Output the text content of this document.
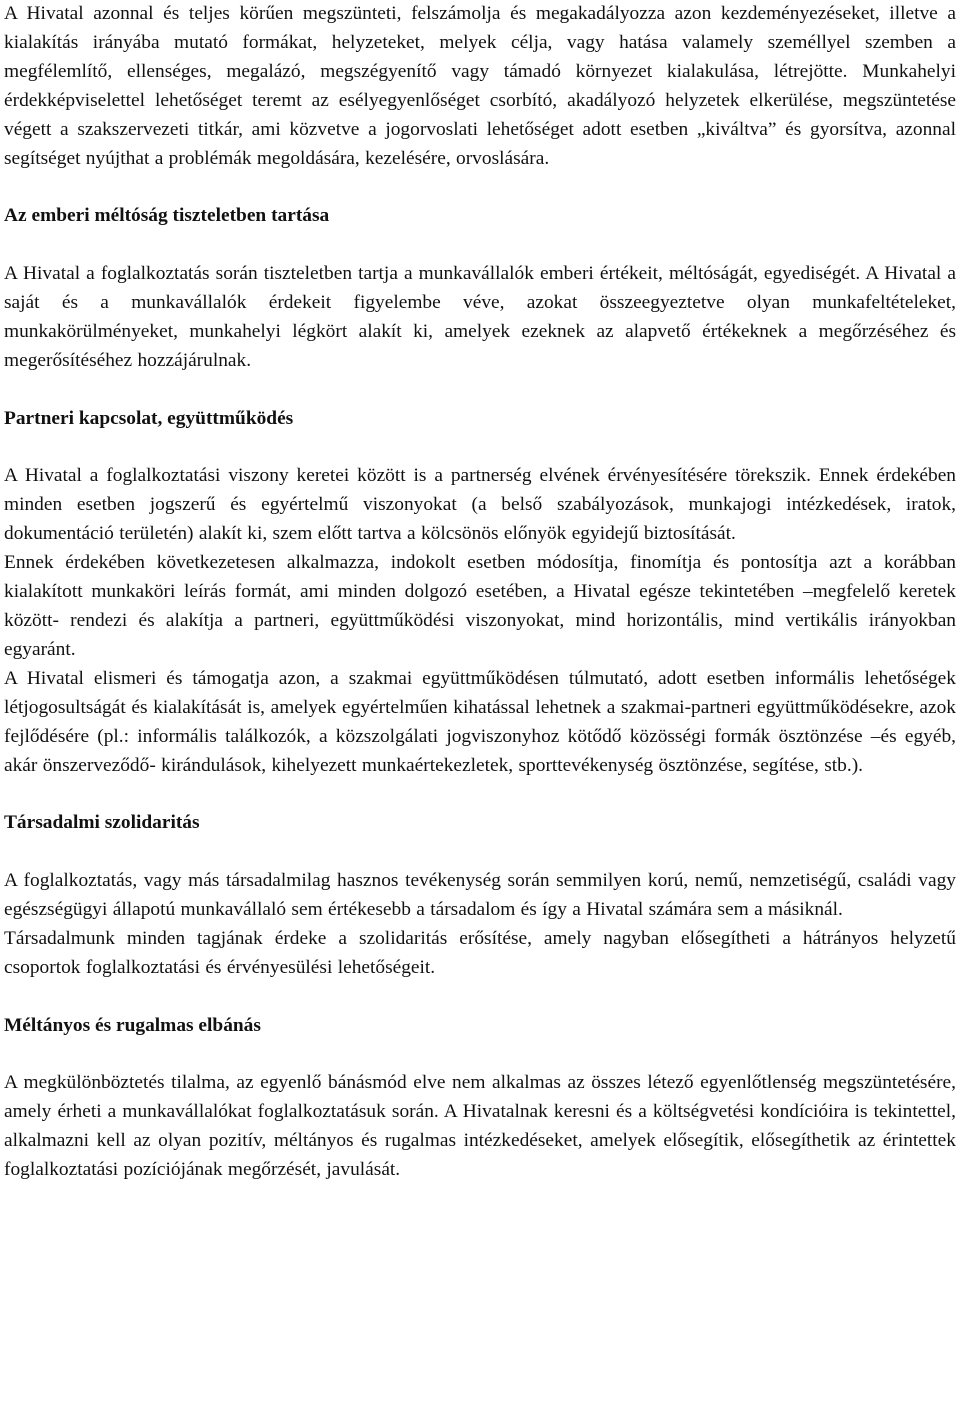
A Hivatal azonnal és teljes körűen megszünteti, felszámolja és megakadályozza azon kezdeményezéseket, illetve a kialakítás irányába mutató formákat, helyzeteket, melyek célja, vagy hatása valamely személlyel szemben a megfélemlítő, ellenséges, megalázó, megszégyenítő vagy támadó környezet kialakulása, létrejötte. Munkahelyi érdekképviselettel lehetőséget teremt az esélyegyenlőséget csorbító, akadályozó helyzetek elkerülése, megszüntetése végett a szakszervezeti titkár, ami közvetve a jogorvoslati lehetőséget adott esetben „kiváltva” és gyorsítva, azonnal segítséget nyújthat a problémák megoldására, kezelésére, orvoslására.

Az emberi méltóság tiszteletben tartása

A Hivatal a foglalkoztatás során tiszteletben tartja a munkavállalók emberi értékeit, méltóságát, egyediségét. A Hivatal a saját és a munkavállalók érdekeit figyelembe véve, azokat összeegyeztetve olyan munkafeltételeket, munkakörülményeket, munkahelyi légkört alakít ki, amelyek ezeknek az alapvető értékeknek a megőrzéséhez és megerősítéséhez hozzájárulnak.

Partneri kapcsolat, együttműködés

A Hivatal a foglalkoztatási viszony keretei között is a partnerség elvének érvényesítésére törekszik. Ennek érdekében minden esetben jogszerű és egyértelmű viszonyokat (a belső szabályozások, munkajogi intézkedések, iratok, dokumentáció területén) alakít ki, szem előtt tartva a kölcsönös előnyök egyidejű biztosítását.

Ennek érdekében következetesen alkalmazza, indokolt esetben módosítja, finomítja és pontosítja azt a korábban kialakított munkaköri leírás formát, ami minden dolgozó esetében, a Hivatal egésze tekintetében –megfelelő keretek között- rendezi és alakítja a partneri, együttműködési viszonyokat, mind horizontális, mind vertikális irányokban egyaránt.

A Hivatal elismeri és támogatja azon, a szakmai együttműködésen túlmutató, adott esetben informális lehetőségek létjogosultságát és kialakítását is, amelyek egyértelműen kihatással lehetnek a szakmai-partneri együttműködésekre, azok fejlődésére (pl.: informális találkozók, a közszolgálati jogviszonyhoz kötődő közösségi formák ösztönzése –és egyéb, akár önszerveződő- kirándulások, kihelyezett munkaértekezletek, sporttevékenység ösztönzése, segítése, stb.).

Társadalmi szolidaritás

A foglalkoztatás, vagy más társadalmilag hasznos tevékenység során semmilyen korú, nemű, nemzetiségű, családi vagy egészségügyi állapotú munkavállaló sem értékesebb a társadalom és így a Hivatal számára sem a másiknál.

Társadalmunk minden tagjának érdeke a szolidaritás erősítése, amely nagyban elősegítheti a hátrányos helyzetű csoportok foglalkoztatási és érvényesülési lehetőségeit.

Méltányos és rugalmas elbánás

A megkülönböztetés tilalma, az egyenlő bánásmód elve nem alkalmas az összes létező egyenlőtlenség megszüntetésére, amely érheti a munkavállalókat foglalkoztatásuk során. A Hivatalnak keresni és a költségvetési kondícióira is tekintettel, alkalmazni kell az olyan pozitív, méltányos és rugalmas intézkedéseket, amelyek elősegítik, elősegíthetik az érintettek foglalkoztatási pozíciójának megőrzését, javulását.
